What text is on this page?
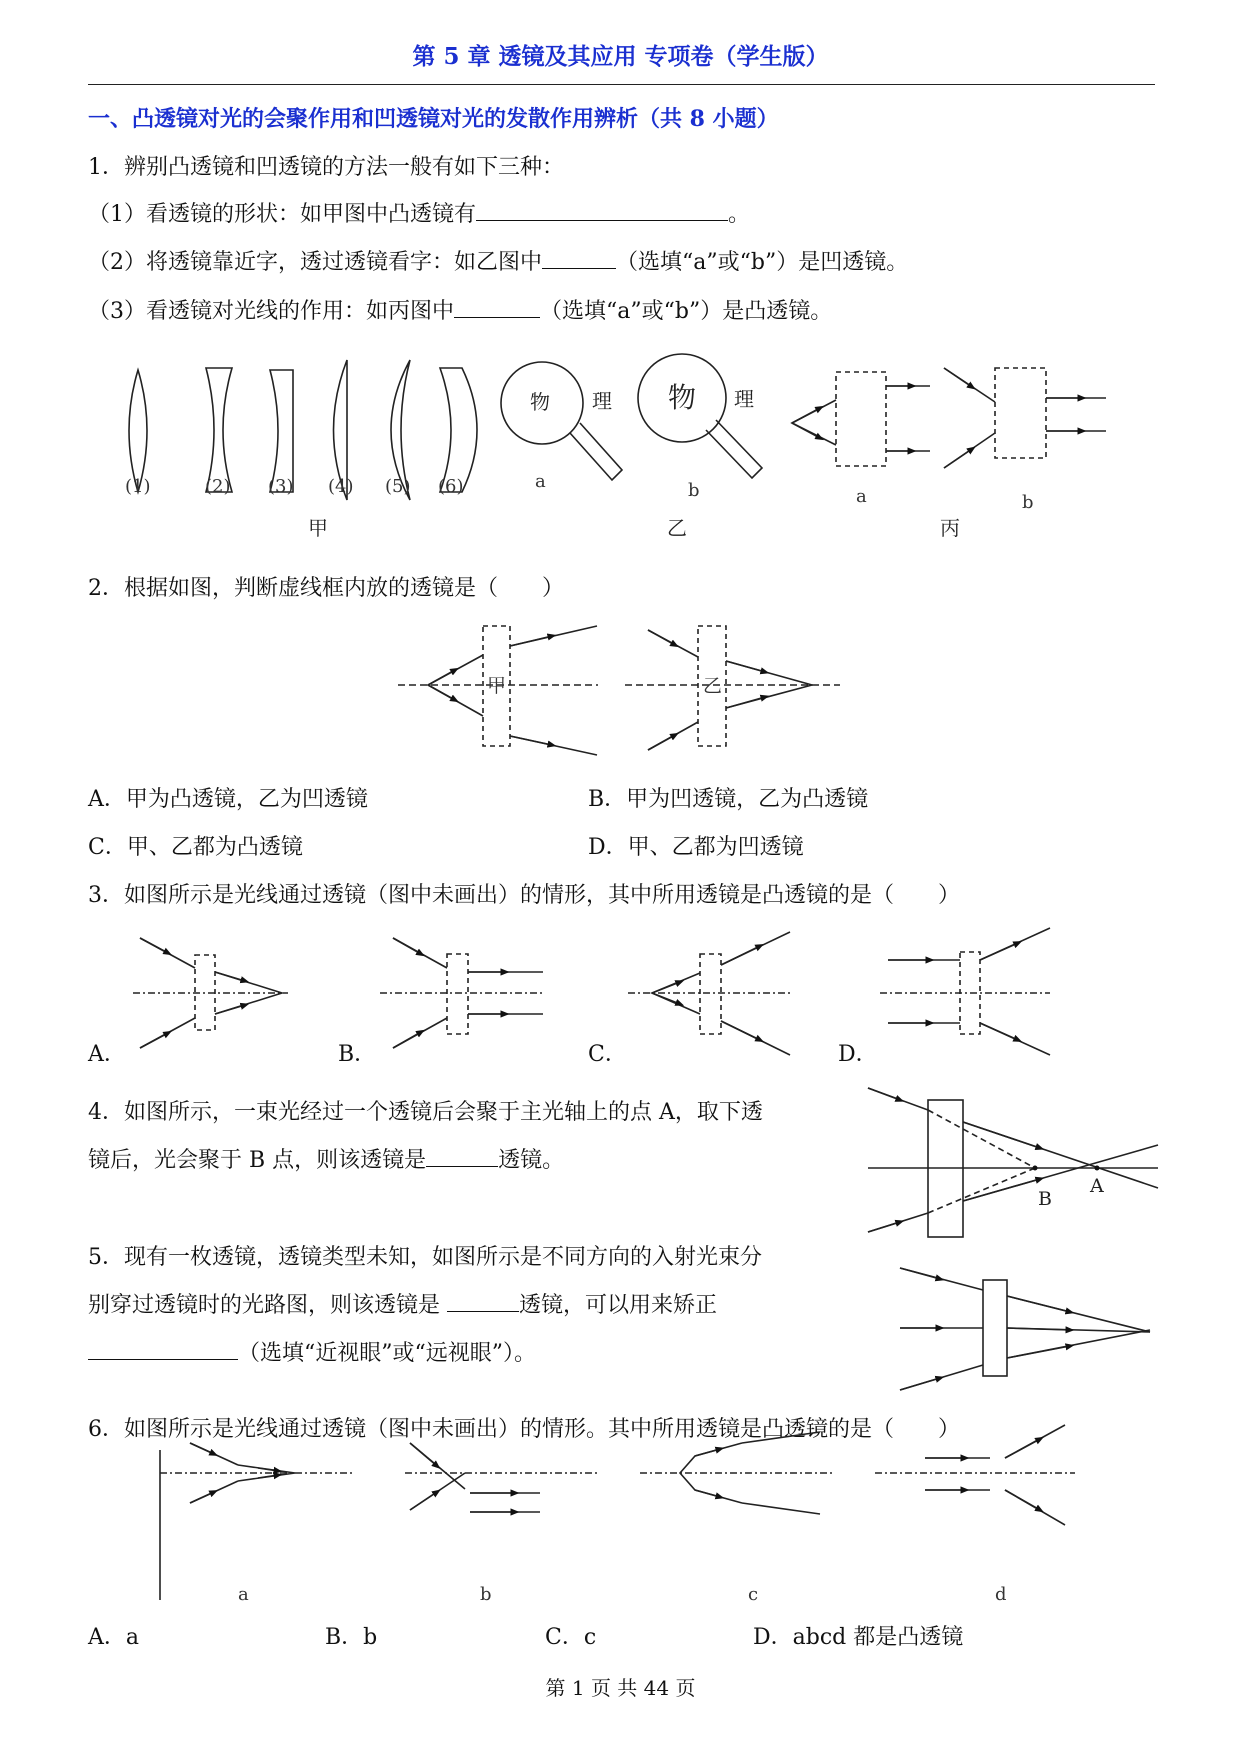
第 5 章 透镜及其应用 专项卷（学生版）
一、凸透镜对光的会聚作用和凹透镜对光的发散作用辨析（共 8 小题）
1．辨别凸透镜和凹透镜的方法一般有如下三种：
（1）看透镜的形状：如甲图中凸透镜有	。
（2）将透镜靠近字，透过透镜看字：如乙图中	（选填“a”或“b”）是凹透镜。
（3）看透镜对光线的作用：如丙图中	（选填“a”或“b”）是凸透镜。
(1)	(2) (3) (4) (5) (6)	a	b	a	b
物 理 物 理
甲	乙	丙
2．根据如图，判断虚线框内放的透镜是（　　）
甲	乙
A．甲为凸透镜，乙为凹透镜	B．甲为凹透镜，乙为凸透镜
C．甲、乙都为凸透镜	D．甲、乙都为凹透镜
3．如图所示是光线通过透镜（图中未画出）的情形，其中所用透镜是凸透镜的是（　　）
A．	B．	C．	D．
4．如图所示，一束光经过一个透镜后会聚于主光轴上的点 A，取下透
镜后，光会聚于 B 点，则该透镜是	透镜。
B
A
5．现有一枚透镜，透镜类型未知，如图所示是不同方向的入射光束分
别穿过透镜时的光路图，则该透镜是	透镜，可以用来矫正
（选填“近视眼”或“远视眼”）。
6．如图所示是光线通过透镜（图中未画出）的情形。其中所用透镜是凸透镜的是（　　）
a	b	c	d
A．a	B．b	C．c	D．abcd 都是凸透镜
第 1 页 共 44 页
